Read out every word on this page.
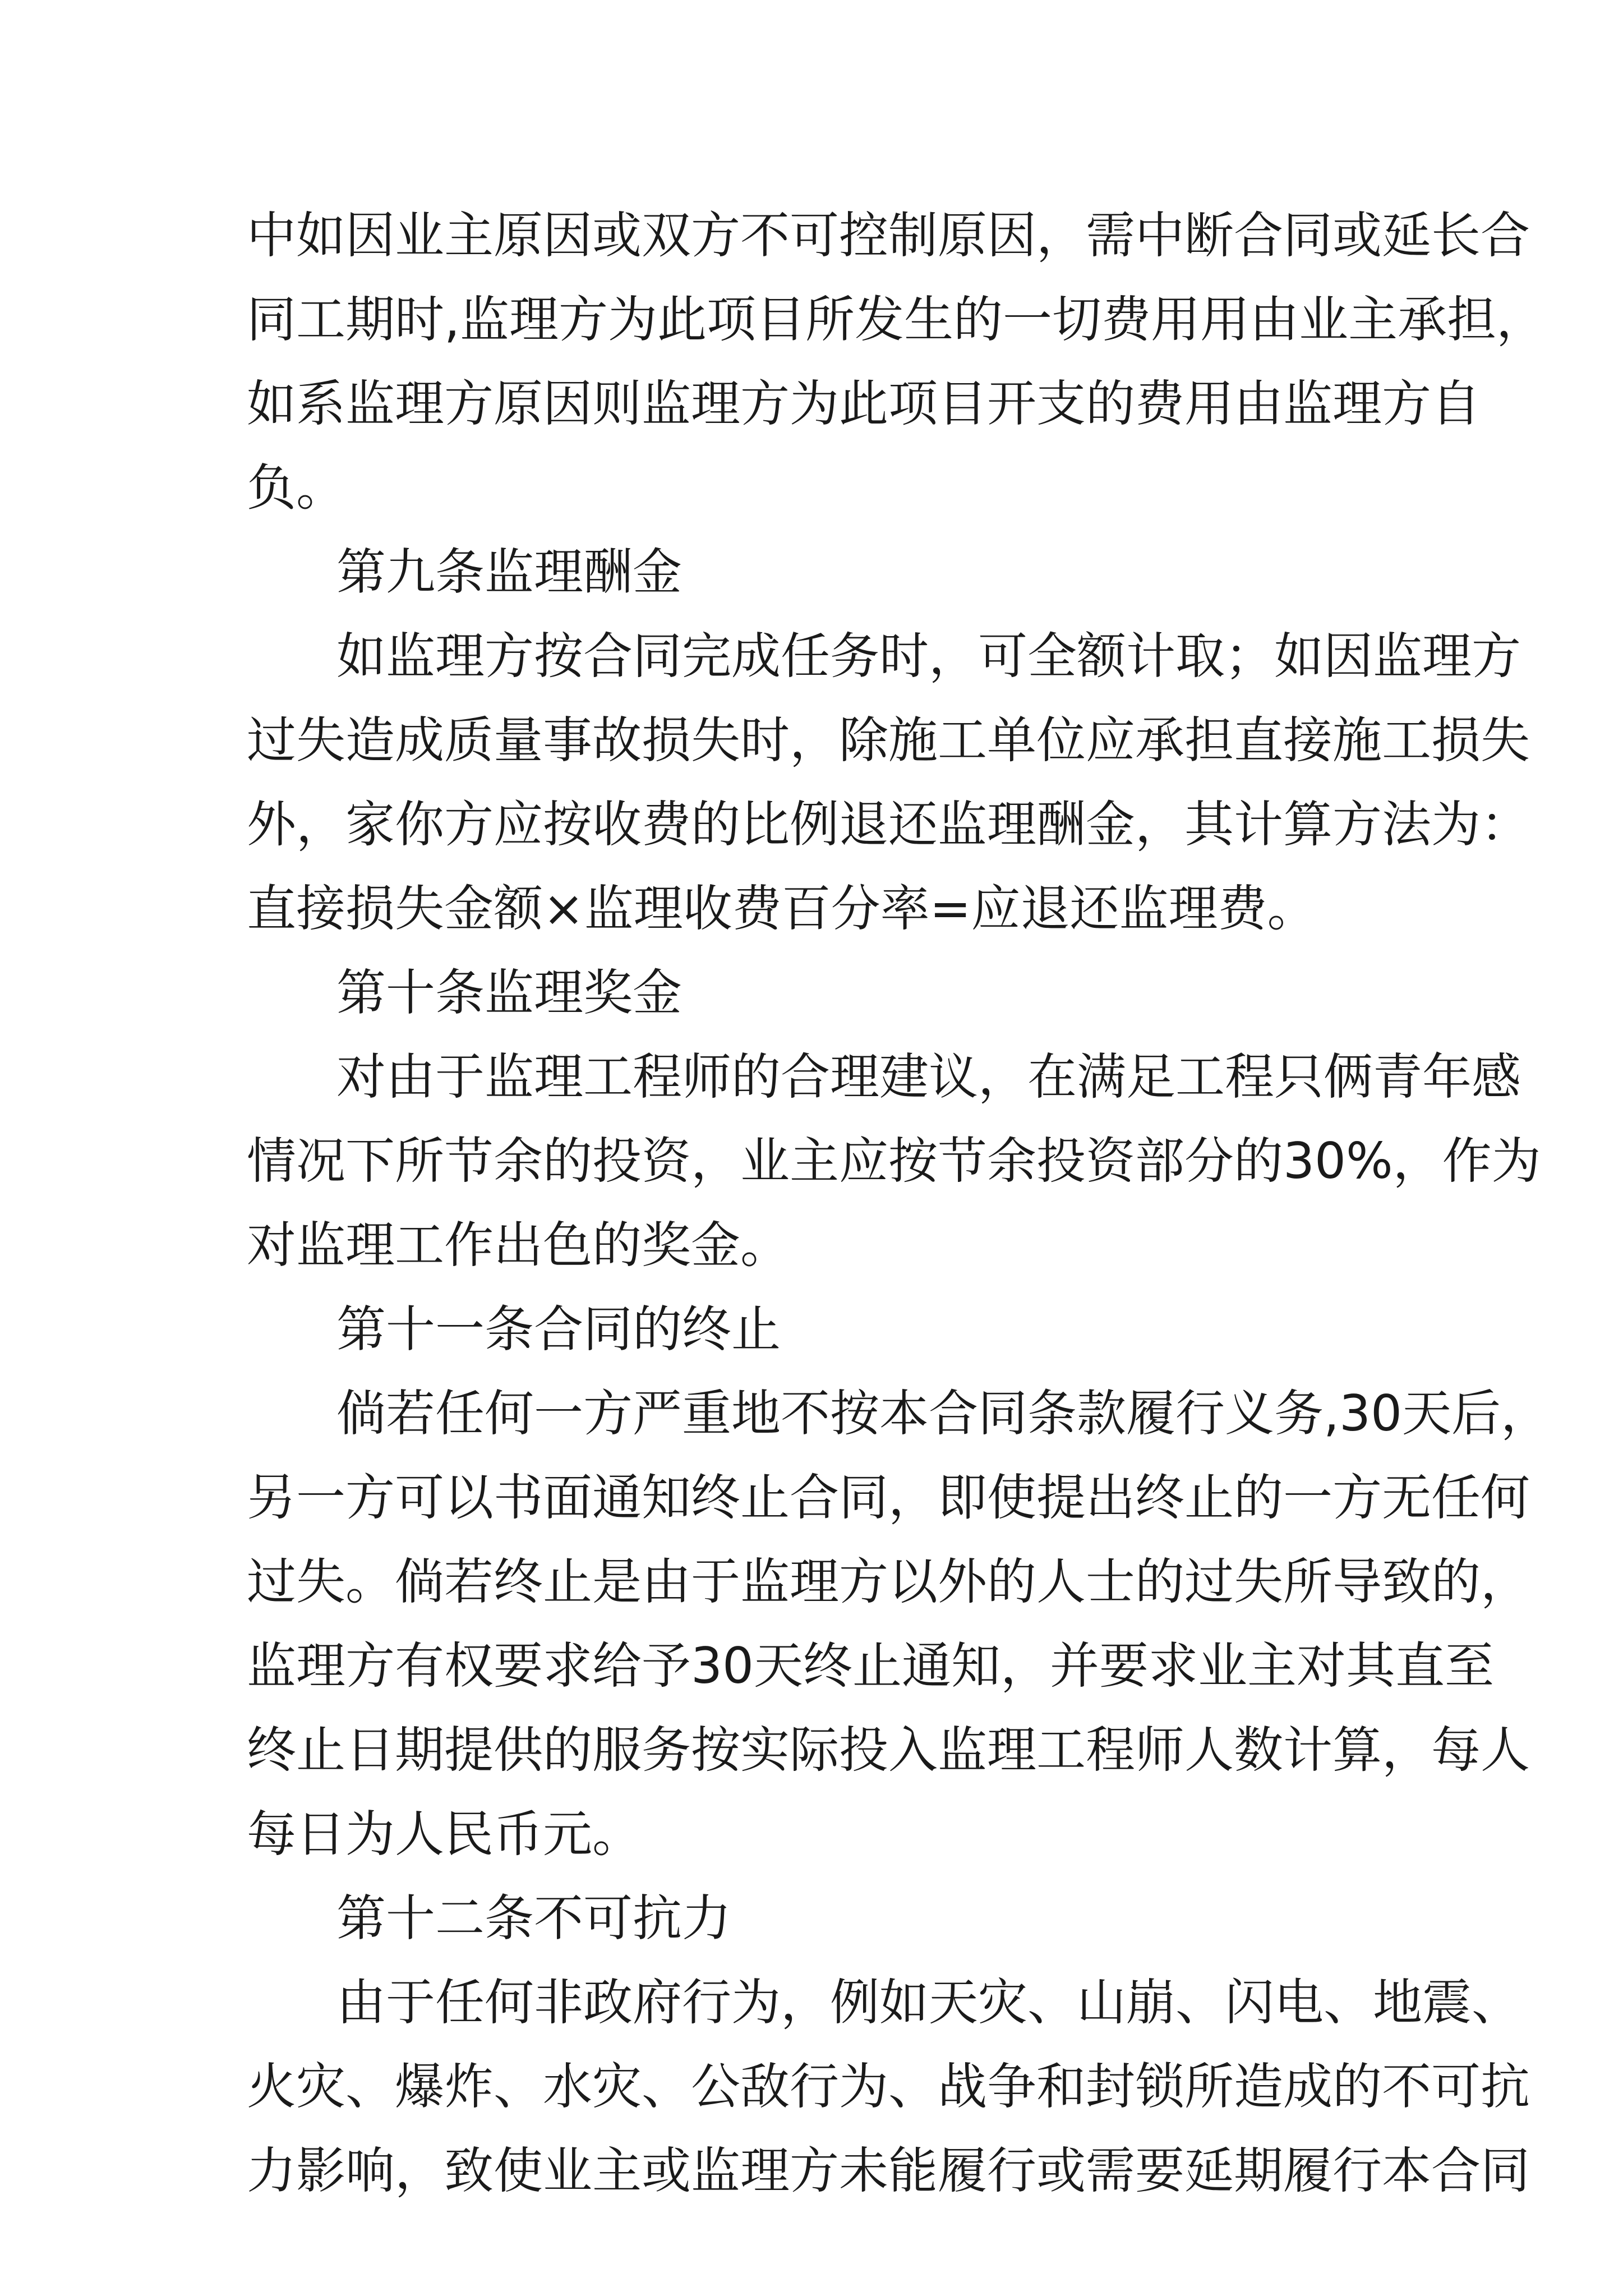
中如因业主原因或双方不可控制原因，需中断合同或延长合
同工期时,监理方为此项目所发生的一切费用用由业主承担，
如系监理方原因则监理方为此项目开支的费用由监理方自
负。
第九条监理酬金
如监理方按合同完成任务时，可全额计取；如因监理方
过失造成质量事故损失时，除施工单位应承担直接施工损失
外，家你方应按收费的比例退还监理酬金，其计算方法为：
直接损失金额×监理收费百分率=应退还监理费。
第十条监理奖金
对由于监理工程师的合理建议，在满足工程只俩青年感
情况下所节余的投资，业主应按节余投资部分的30%，作为
对监理工作出色的奖金。
第十一条合同的终止
倘若任何一方严重地不按本合同条款履行义务,30天后，
另一方可以书面通知终止合同，即使提出终止的一方无任何
过失。倘若终止是由于监理方以外的人士的过失所导致的，
监理方有权要求给予30天终止通知，并要求业主对其直至
终止日期提供的服务按实际投入监理工程师人数计算，每人
每日为人民币元。
第十二条不可抗力
由于任何非政府行为，例如天灾、山崩、闪电、地震、
火灾、爆炸、水灾、公敌行为、战争和封锁所造成的不可抗
力影响，致使业主或监理方未能履行或需要延期履行本合同
